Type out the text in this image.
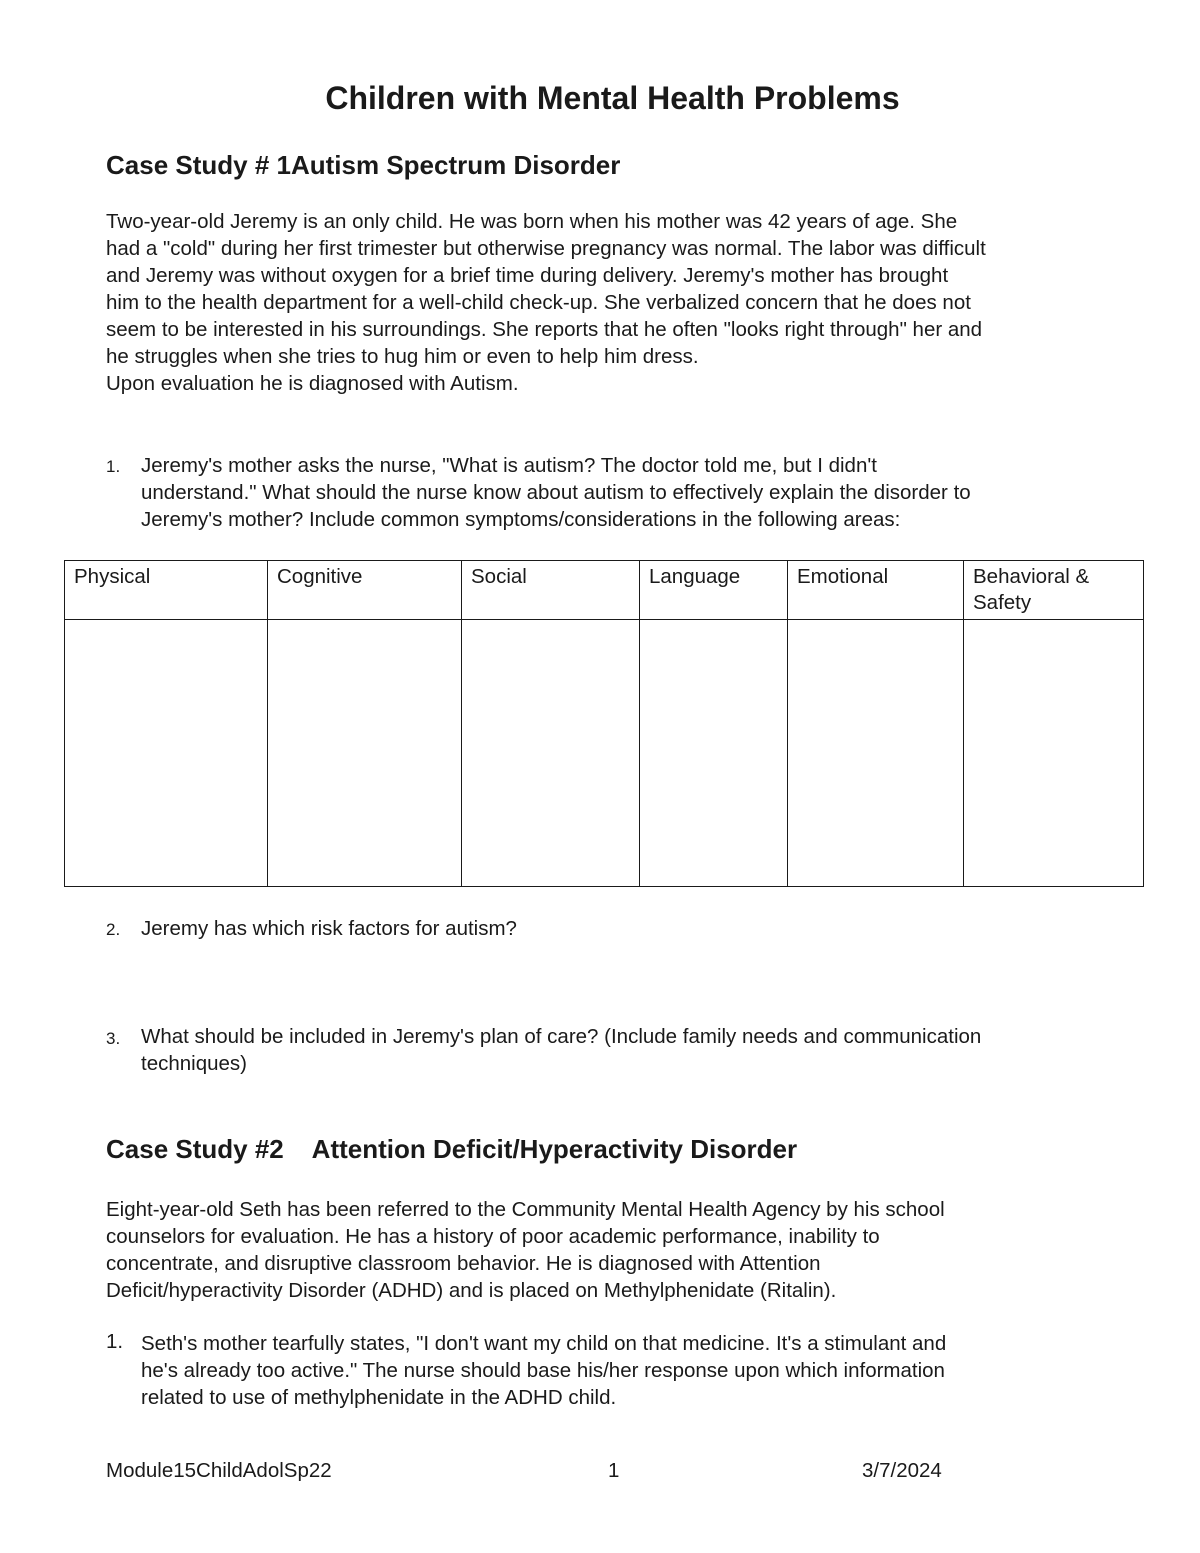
Children with Mental Health Problems
Case Study # 1Autism Spectrum Disorder

Two-year-old Jeremy is an only child. He was born when his mother was 42 years of age. She

had a "cold" during her first trimester but otherwise pregnancy was normal. The labor was difficult

and Jeremy was without oxygen for a brief time during delivery. Jeremy's mother has brought

him to the health department for a well-child check-up. She verbalized concern that he does not

seem to be interested in his surroundings. She reports that he often "looks right through" her and

he struggles when she tries to hug him or even to help him dress.

Upon evaluation he is diagnosed with Autism.

1. Jeremy's mother asks the nurse, "What is autism? The doctor told me, but I didn't
understand." What should the nurse know about autism to effectively explain the disorder to
Jeremy's mother? Include common symptoms/considerations in the following areas:
Physical	Cognitive	Social	Language	Emotional	Behavioral & Safety

2. Jeremy has which risk factors for autism?
3. What should be included in Jeremy's plan of care? (Include family needs and communication
techniques)
Case Study #2    Attention Deficit/Hyperactivity Disorder

Eight-year-old Seth has been referred to the Community Mental Health Agency by his school

counselors for evaluation. He has a history of poor academic performance, inability to

concentrate, and disruptive classroom behavior. He is diagnosed with Attention

Deficit/hyperactivity Disorder (ADHD) and is placed on Methylphenidate (Ritalin).

1. Seth's mother tearfully states, "I don't want my child on that medicine. It's a stimulant and
he's already too active." The nurse should base his/her response upon which information
related to use of methylphenidate in the ADHD child.
Module15ChildAdolSp22	1	3/7/2024
